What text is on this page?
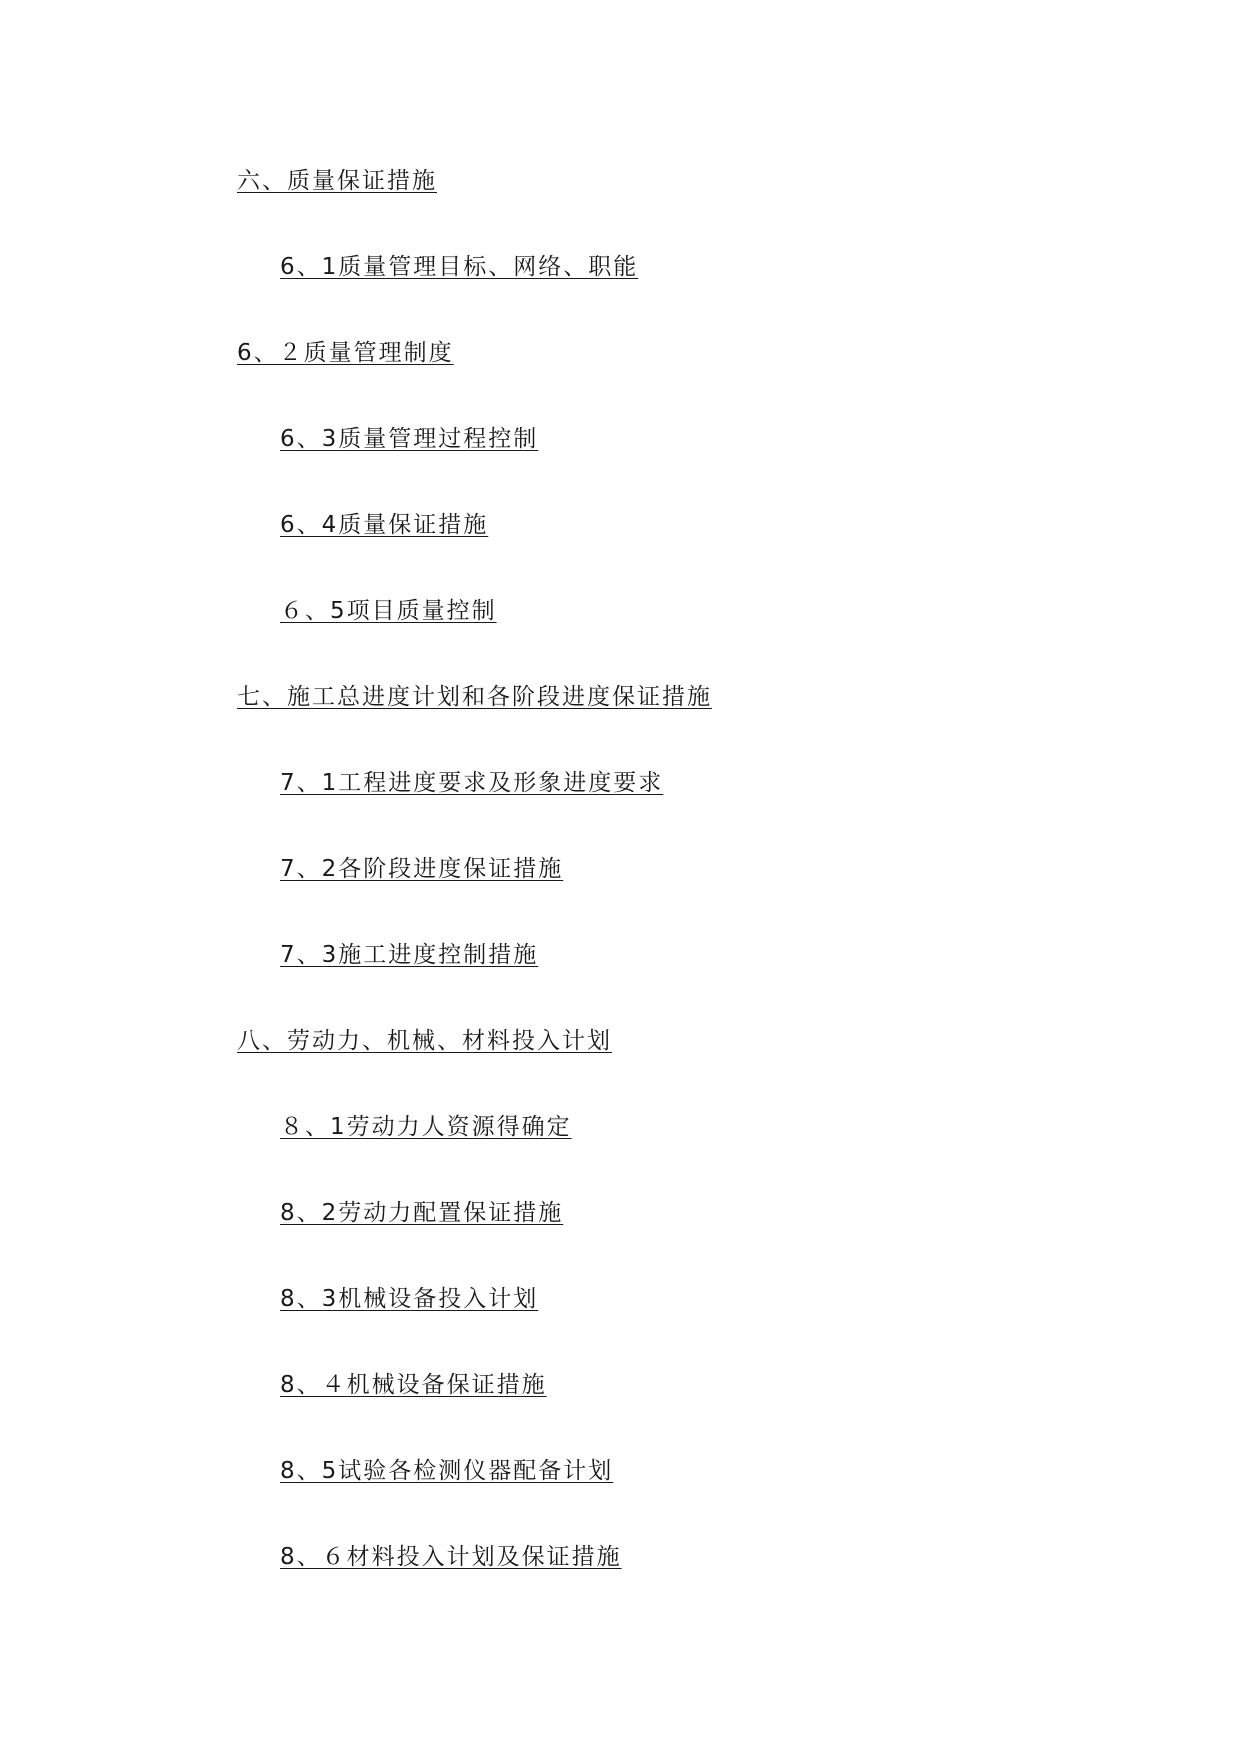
六、质量保证措施
6、1质量管理目标、网络、职能
6、２质量管理制度
6、3质量管理过程控制
6、4质量保证措施
６、5项目质量控制
七、施工总进度计划和各阶段进度保证措施
7、1工程进度要求及形象进度要求
7、2各阶段进度保证措施
7、3施工进度控制措施
八、劳动力、机械、材料投入计划
８、1劳动力人资源得确定
8、2劳动力配置保证措施
8、3机械设备投入计划
8、４机械设备保证措施
8、5试验各检测仪器配备计划
8、６材料投入计划及保证措施
